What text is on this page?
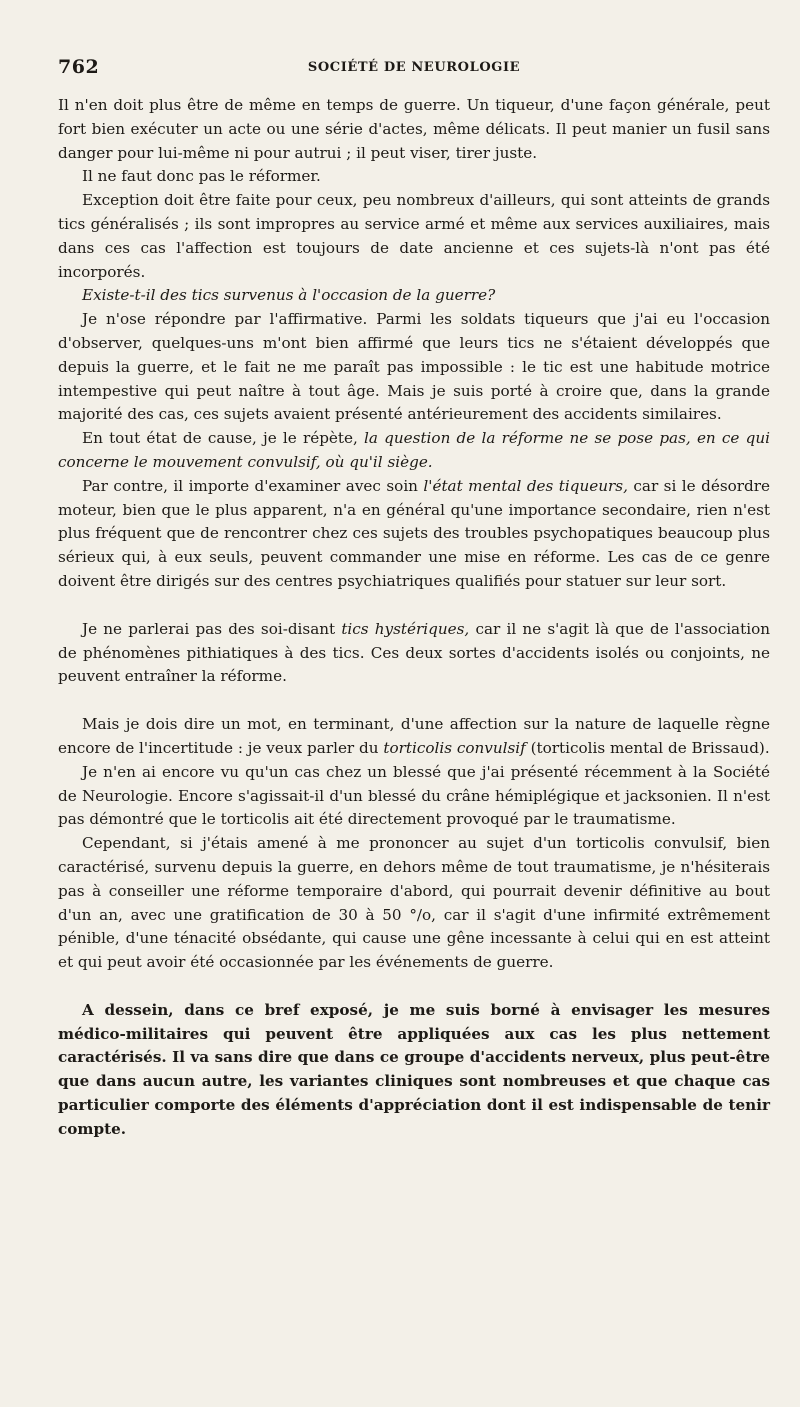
762	SOCIÉTÉ DE NEUROLOGIE

Il n'en doit plus être de même en temps de guerre. Un tiqueur, d'une façon générale, peut fort bien exécuter un acte ou une série d'actes, même délicats. Il peut manier un fusil sans danger pour lui-même ni pour autrui ; il peut viser, tirer juste.

Il ne faut donc pas le réformer.

Exception doit être faite pour ceux, peu nombreux d'ailleurs, qui sont atteints de grands tics généralisés ; ils sont impropres au service armé et même aux services auxiliaires, mais dans ces cas l'affection est toujours de date ancienne et ces sujets-là n'ont pas été incorporés.

Existe-t-il des tics survenus à l'occasion de la guerre?

Je n'ose répondre par l'affirmative. Parmi les soldats tiqueurs que j'ai eu l'occasion d'observer, quelques-uns m'ont bien affirmé que leurs tics ne s'étaient développés que depuis la guerre, et le fait ne me paraît pas impossible : le tic est une habitude motrice intempestive qui peut naître à tout âge. Mais je suis porté à croire que, dans la grande majorité des cas, ces sujets avaient présenté antérieurement des accidents similaires.

En tout état de cause, je le répète, la question de la réforme ne se pose pas, en ce qui concerne le mouvement convulsif, où qu'il siège.

Par contre, il importe d'examiner avec soin l'état mental des tiqueurs, car si le désordre moteur, bien que le plus apparent, n'a en général qu'une importance secondaire, rien n'est plus fréquent que de rencontrer chez ces sujets des troubles psychopatiques beaucoup plus sérieux qui, à eux seuls, peuvent commander une mise en réforme. Les cas de ce genre doivent être dirigés sur des centres psychiatriques qualifiés pour statuer sur leur sort.

Je ne parlerai pas des soi-disant tics hystériques, car il ne s'agit là que de l'association de phénomènes pithiatiques à des tics. Ces deux sortes d'accidents isolés ou conjoints, ne peuvent entraîner la réforme.

Mais je dois dire un mot, en terminant, d'une affection sur la nature de laquelle règne encore de l'incertitude : je veux parler du torticolis convulsif (torticolis mental de Brissaud).

Je n'en ai encore vu qu'un cas chez un blessé que j'ai présenté récemment à la Société de Neurologie. Encore s'agissait-il d'un blessé du crâne hémiplégique et jacksonien. Il n'est pas démontré que le torticolis ait été directement provoqué par le traumatisme.

Cependant, si j'étais amené à me prononcer au sujet d'un torticolis convulsif, bien caractérisé, survenu depuis la guerre, en dehors même de tout traumatisme, je n'hésiterais pas à conseiller une réforme temporaire d'abord, qui pourrait devenir définitive au bout d'un an, avec une gratification de 30 à 50 °/o, car il s'agit d'une infirmité extrêmement pénible, d'une ténacité obsédante, qui cause une gêne incessante à celui qui en est atteint et qui peut avoir été occasionnée par les événements de guerre.

A dessein, dans ce bref exposé, je me suis borné à envisager les mesures médico-militaires qui peuvent être appliquées aux cas les plus nettement caractérisés. Il va sans dire que dans ce groupe d'accidents nerveux, plus peut-être que dans aucun autre, les variantes cliniques sont nombreuses et que chaque cas particulier comporte des éléments d'appréciation dont il est indispensable de tenir compte.
